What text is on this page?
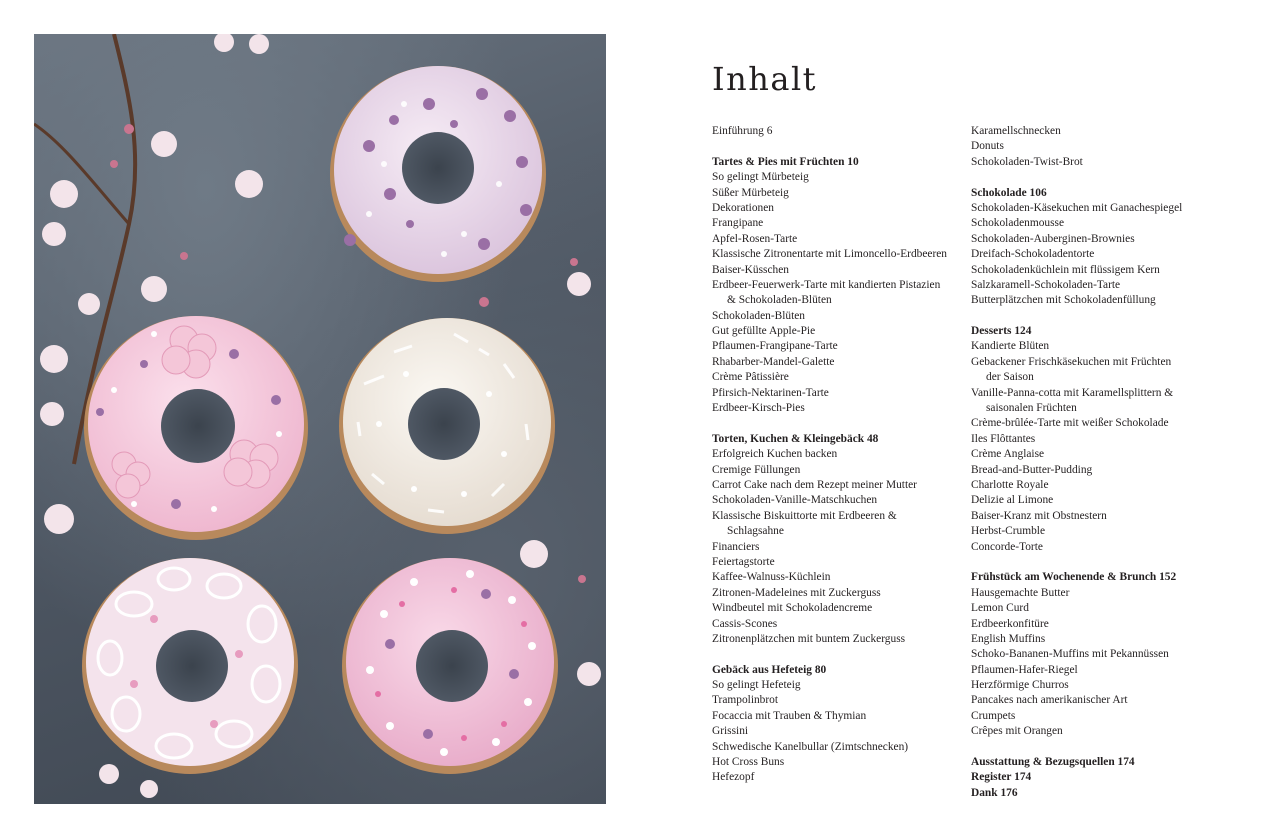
Inhalt
Einführung 6
Tartes & Pies mit Früchten 10
So gelingt Mürbeteig
Süßer Mürbeteig
Dekorationen
Frangipane
Apfel-Rosen-Tarte
Klassische Zitronentarte mit Limoncello-Erdbeeren
Baiser-Küsschen
Erdbeer-Feuerwerk-Tarte mit kandierten Pistazien
& Schokoladen-Blüten
Schokoladen-Blüten
Gut gefüllte Apple-Pie
Pflaumen-Frangipane-Tarte
Rhabarber-Mandel-Galette
Crème Pâtissière
Pfirsich-Nektarinen-Tarte
Erdbeer-Kirsch-Pies
Torten, Kuchen & Kleingebäck 48
Erfolgreich Kuchen backen
Cremige Füllungen
Carrot Cake nach dem Rezept meiner Mutter
Schokoladen-Vanille-Matschkuchen
Klassische Biskuittorte mit Erdbeeren &
Schlagsahne
Financiers
Feiertagstorte
Kaffee-Walnuss-Küchlein
Zitronen-Madeleines mit Zuckerguss
Windbeutel mit Schokoladencreme
Cassis-Scones
Zitronenplätzchen mit buntem Zuckerguss
Gebäck aus Hefeteig 80
So gelingt Hefeteig
Trampolinbrot
Focaccia mit Trauben & Thymian
Grissini
Schwedische Kanelbullar (Zimtschnecken)
Hot Cross Buns
Hefezopf
Karamellschnecken
Donuts
Schokoladen-Twist-Brot
Schokolade 106
Schokoladen-Käsekuchen mit Ganachespiegel
Schokoladenmousse
Schokoladen-Auberginen-Brownies
Dreifach-Schokoladentorte
Schokoladenküchlein mit flüssigem Kern
Salzkaramell-Schokoladen-Tarte
Butterplätzchen mit Schokoladenfüllung
Desserts 124
Kandierte Blüten
Gebackener Frischkäsekuchen mit Früchten
der Saison
Vanille-Panna-cotta mit Karamellsplittern &
saisonalen Früchten
Crème-brûlée-Tarte mit weißer Schokolade
Iles Flôttantes
Crème Anglaise
Bread-and-Butter-Pudding
Charlotte Royale
Delizie al Limone
Baiser-Kranz mit Obstnestern
Herbst-Crumble
Concorde-Torte
Frühstück am Wochenende & Brunch 152
Hausgemachte Butter
Lemon Curd
Erdbeerkonfitüre
English Muffins
Schoko-Bananen-Muffins mit Pekannüssen
Pflaumen-Hafer-Riegel
Herzförmige Churros
Pancakes nach amerikanischer Art
Crumpets
Crêpes mit Orangen
Ausstattung & Bezugsquellen 174
Register 174
Dank 176
